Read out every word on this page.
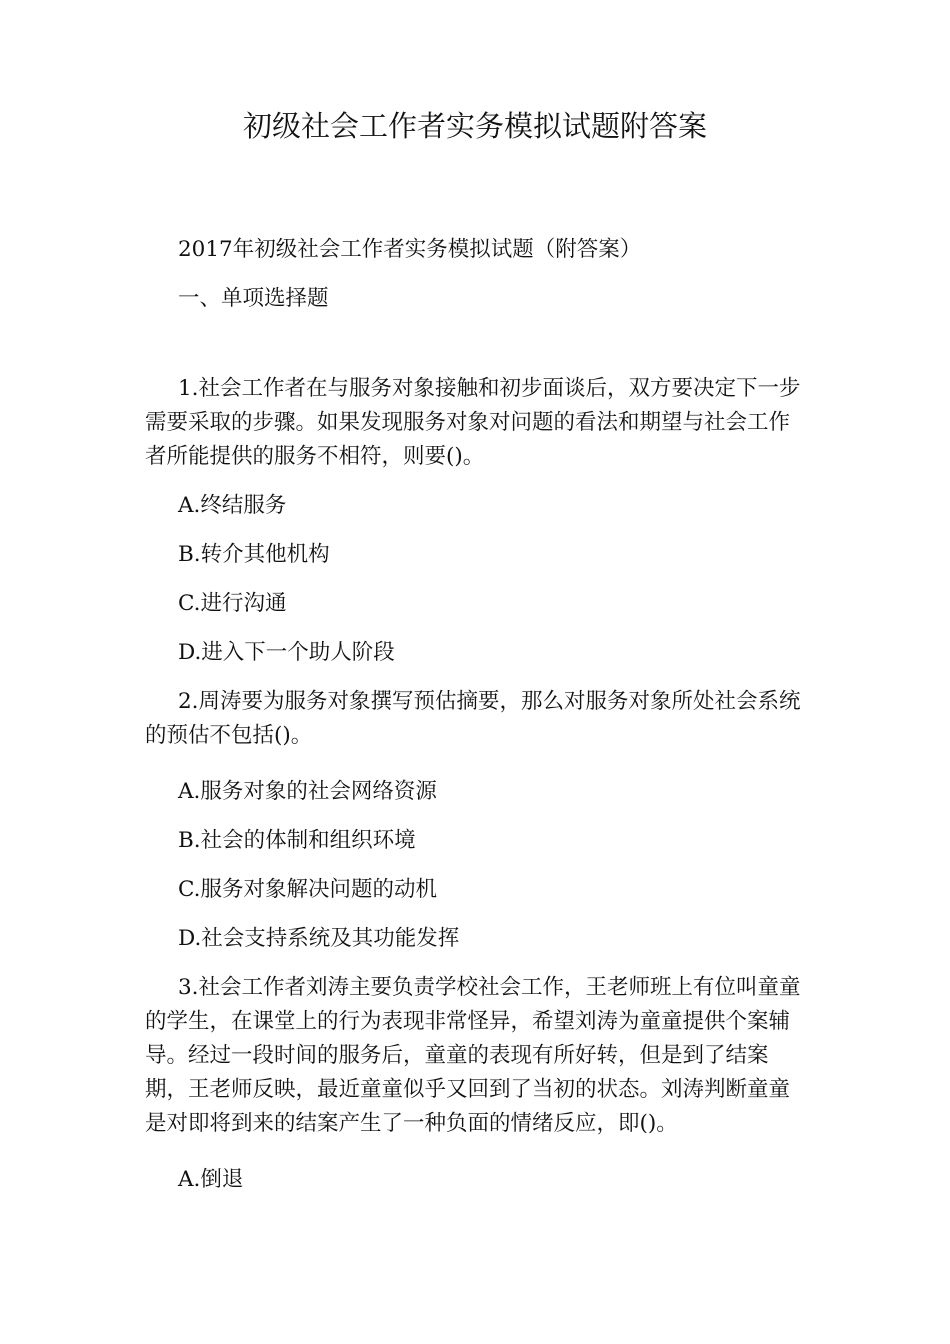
初级社会工作者实务模拟试题附答案

2017年初级社会工作者实务模拟试题（附答案）

一、单项选择题

1.社会工作者在与服务对象接触和初步面谈后，双方要决定下一步需要采取的步骤。如果发现服务对象对问题的看法和期望与社会工作者所能提供的服务不相符，则要()。

A.终结服务

B.转介其他机构

C.进行沟通

D.进入下一个助人阶段

2.周涛要为服务对象撰写预估摘要，那么对服务对象所处社会系统的预估不包括()。

A.服务对象的社会网络资源

B.社会的体制和组织环境

C.服务对象解决问题的动机

D.社会支持系统及其功能发挥

3.社会工作者刘涛主要负责学校社会工作，王老师班上有位叫童童的学生，在课堂上的行为表现非常怪异，希望刘涛为童童提供个案辅导。经过一段时间的服务后，童童的表现有所好转，但是到了结案期，王老师反映，最近童童似乎又回到了当初的状态。刘涛判断童童是对即将到来的结案产生了一种负面的情绪反应，即()。

A.倒退
